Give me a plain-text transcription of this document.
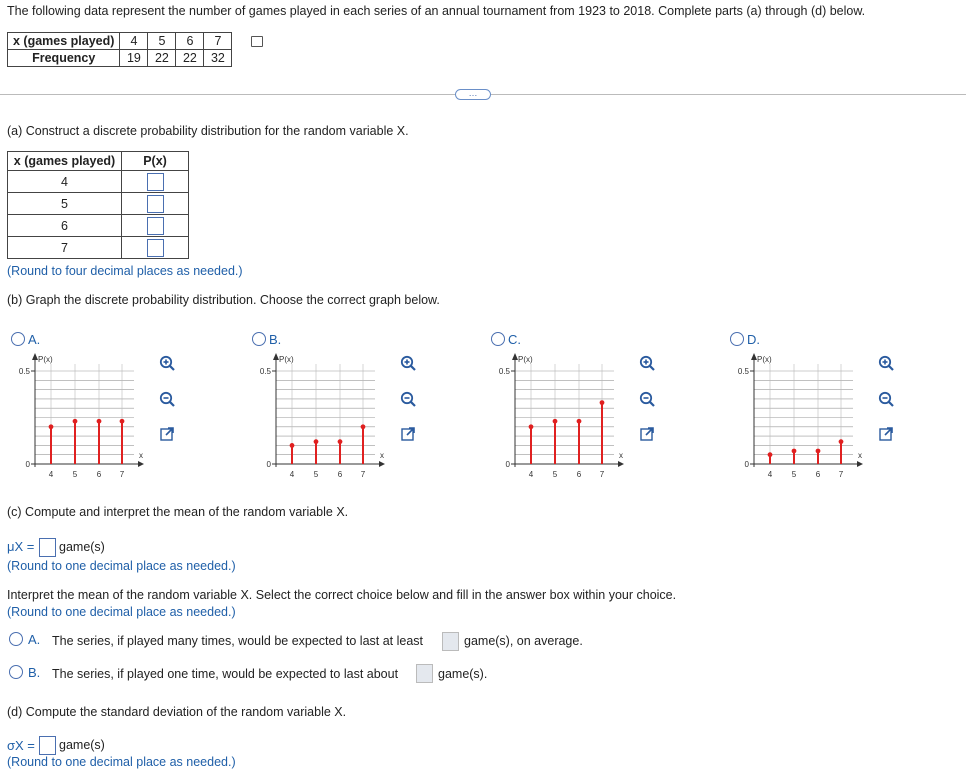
The following data represent the number of games played in each series of an annual tournament from 1923 to 2018. Complete parts (a) through (d) below.
x (games played)	4	5	6	7
Frequency	19	22	22	32
…
(a) Construct a discrete probability distribution for the random variable X.
x (games played)	P(x)
4	
5	
6	
7	
(Round to four decimal places as needed.)
(b) Graph the discrete probability distribution. Choose the correct graph below.
A.
P(x)
0.5
0
x
4 5 6 7
B.
P(x)
0.5
0
x
4 5 6 7
C.
P(x)
0.5
0
x
4 5 6 7
D.
P(x)
0.5
0
x
4 5 6 7
(c) Compute and interpret the mean of the random variable X.
μX = game(s)
(Round to one decimal place as needed.)
Interpret the mean of the random variable X. Select the correct choice below and fill in the answer box within your choice.
(Round to one decimal place as needed.)
A. The series, if played many times, would be expected to last at least	game(s), on average.
B. The series, if played one time, would be expected to last about	game(s).
(d) Compute the standard deviation of the random variable X.
σX = game(s)
(Round to one decimal place as needed.)
